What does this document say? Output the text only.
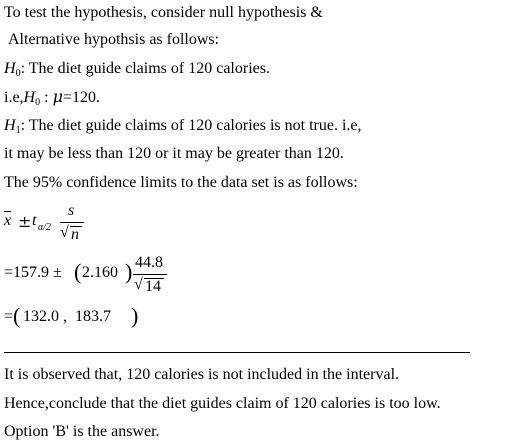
To test the hypothesis, consider null hypothesis &
Alternative hypothsis as follows:
$H_0$: The diet guide claims of 120 calories.
$i.e,H_0$ : μ=120.
$H_1$: The diet guide claims of 120 calories is not true. i.e,
it may be less than 120 or it may be greater than 120.
The 95% confidence limits to the data set is as follows:
$\overline{x} \pm t$ α/2
s
√ n
=157.9 ± ( 2.160 ) 44.8
√ 14
= ( 132.0 ,  183.7 )
It is observed that, 120 calories is not included in the interval.
Hence,conclude that the diet guides claim of 120 calories is too low.
Option 'B' is the answer.
